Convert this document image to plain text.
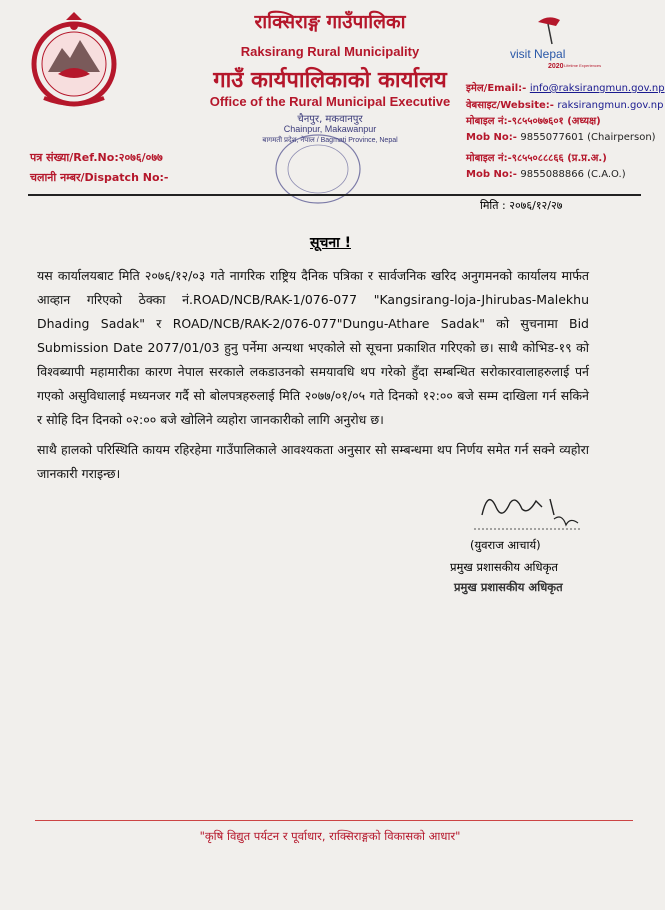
राक्सिराङ्ग गाउँपालिका
Raksirang Rural Municipality
गाउँ कार्यपालिकाको कार्यालय
Office of the Rural Municipal Executive
चैनपुर, मकवानपुर
Chainpur, Makawanpur
बागमती प्रदेश, नेपाल / Bagmati Province, Nepal
visit Nepal
2020 Lifetime Experiences
इमेल/Email:- info@raksirangmun.gov.np
वेबसाइट/Website:- raksirangmun.gov.np
मोबाइल नं:-९८५५०७७६०१ (अध्यक्ष)
Mob No:- 9855077601 (Chairperson)
मोबाइल नं:-९८५५०८८८६६ (प्र.प्र.अ.)
Mob No:- 9855088866 (C.A.O.)
पत्र संख्या/Ref.No:२०७६/०७७
चलानी नम्बर/Dispatch No:-
मिति : २०७६/१२/२७
सूचना !
यस कार्यालयबाट मिति २०७६/१२/०३ गते नागरिक राष्ट्रिय दैनिक पत्रिका र सार्वजनिक खरिद अनुगमनको कार्यालय मार्फत आव्हान गरिएको ठेक्का नं.ROAD/NCB/RAK-1/076-077 "Kangsirang-loja-Jhirubas-Malekhu Dhading Sadak" र ROAD/NCB/RAK-2/076-077"Dungu-Athare Sadak" को सुचनामा Bid Submission Date 2077/01/03 हुनु पर्नेमा अन्यथा भएकोले सो सूचना प्रकाशित गरिएको छ। साथै कोभिड-१९ को विश्वब्यापी महामारीका कारण नेपाल सरकाले लकडाउनको समयावधि थप गरेको हुँदा सम्बन्धित सरोकारवालाहरुलाई पर्न गएको असुविधालाई मध्यनजर गर्दै सो बोलपत्रहरुलाई मिति २०७७/०१/०५ गते दिनको १२:०० बजे सम्म दाखिला गर्न सकिने र सोहि दिन दिनको ०२:०० बजे खोलिने व्यहोरा जानकारीको लागि अनुरोध छ।
साथै हालको परिस्थिति कायम रहिरहेमा गाउँपालिकाले आवश्यकता अनुसार सो सम्बन्धमा थप निर्णय समेत गर्न सक्ने व्यहोरा जानकारी गराइन्छ।
(युवराज आचार्य)
प्रमुख प्रशासकीय अधिकृत
प्रमुख प्रशासकीय अधिकृत
"कृषि विद्युत पर्यटन र पूर्वाधार, राक्सिराङ्गको विकासको आधार"
